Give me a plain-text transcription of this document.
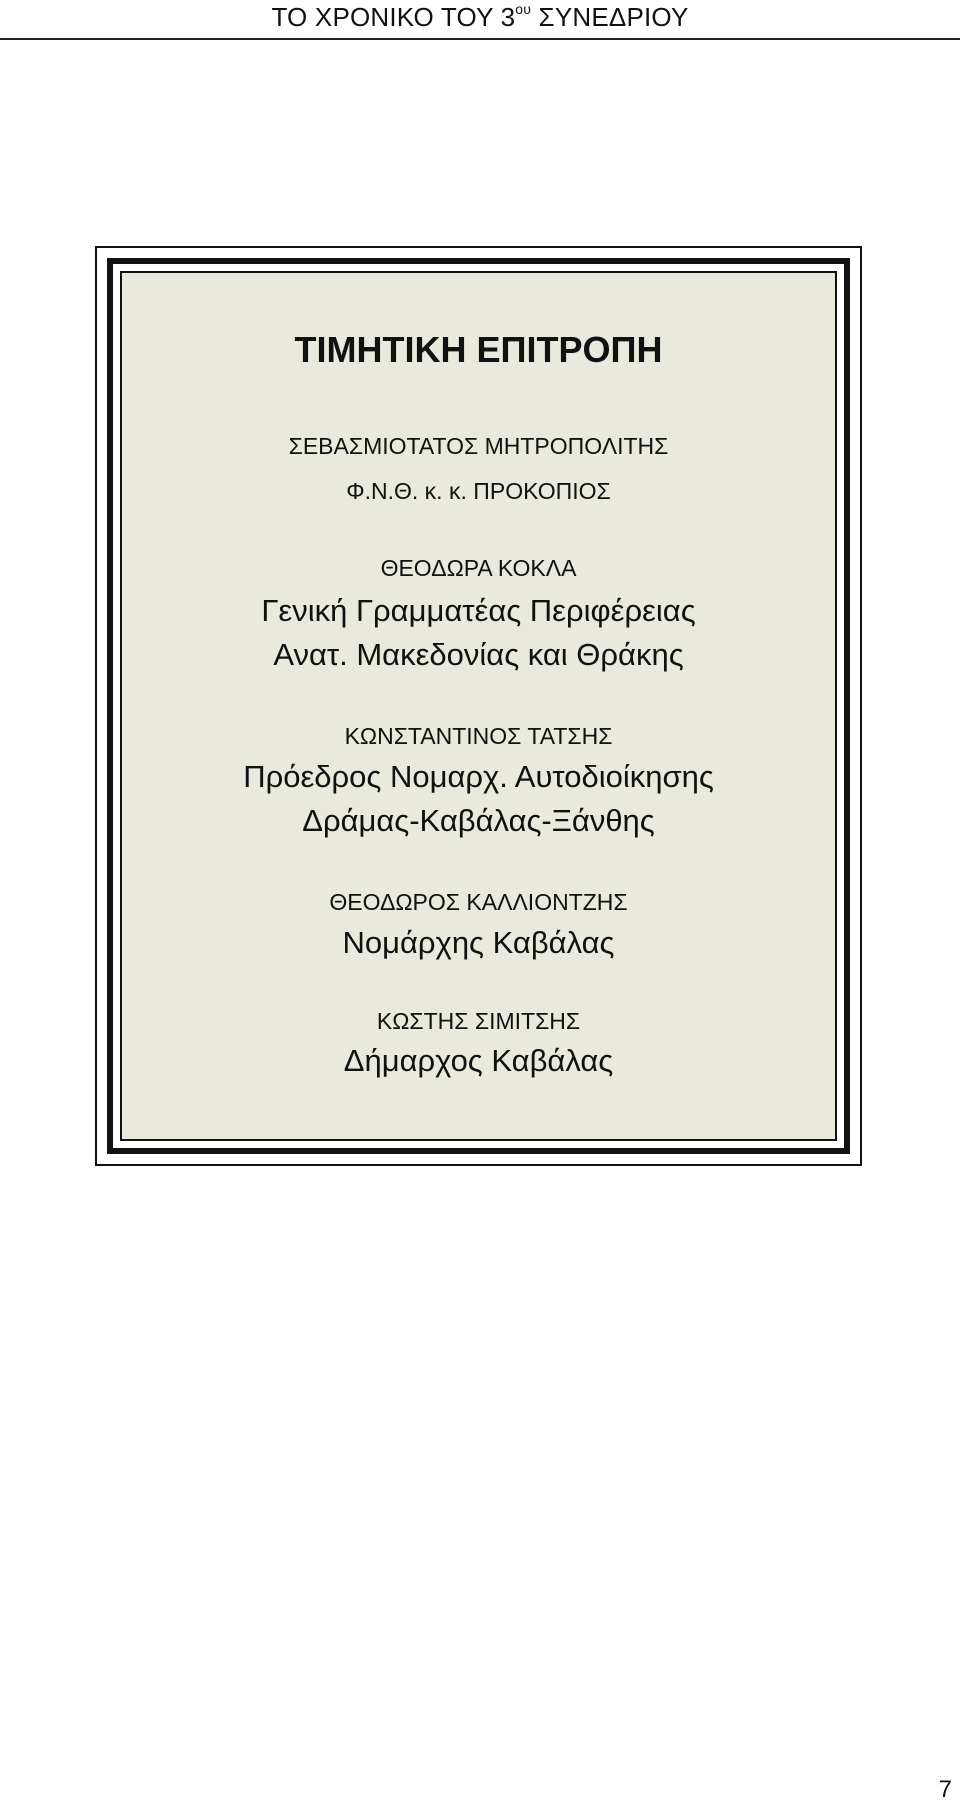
ΤΟ ΧΡΟΝΙΚΟ ΤΟΥ $3^{o\upsilon}$ ΣΥΝΕΔΡΙΟΥ
ΤΙΜΗΤΙΚΗ ΕΠΙΤΡΟΠΗ
ΣΕΒΑΣΜΙΟΤΑΤΟΣ ΜΗΤΡΟΠΟΛΙΤΗΣ
Φ.Ν.Θ. κ. κ. ΠΡΟΚΟΠΙΟΣ
ΘΕΟΔΩΡΑ ΚΟΚΛΑ
Γενική Γραμματέας Περιφέρειας
Ανατ. Μακεδονίας και Θράκης
ΚΩΝΣΤΑΝΤΙΝΟΣ ΤΑΤΣΗΣ
Πρόεδρος Νομαρχ. Αυτοδιοίκησης
Δράμας-Καβάλας-Ξάνθης
ΘΕΟΔΩΡΟΣ ΚΑΛΛΙΟΝΤΖΗΣ
Νομάρχης Καβάλας
ΚΩΣΤΗΣ ΣΙΜΙΤΣΗΣ
Δήμαρχος Καβάλας
7
